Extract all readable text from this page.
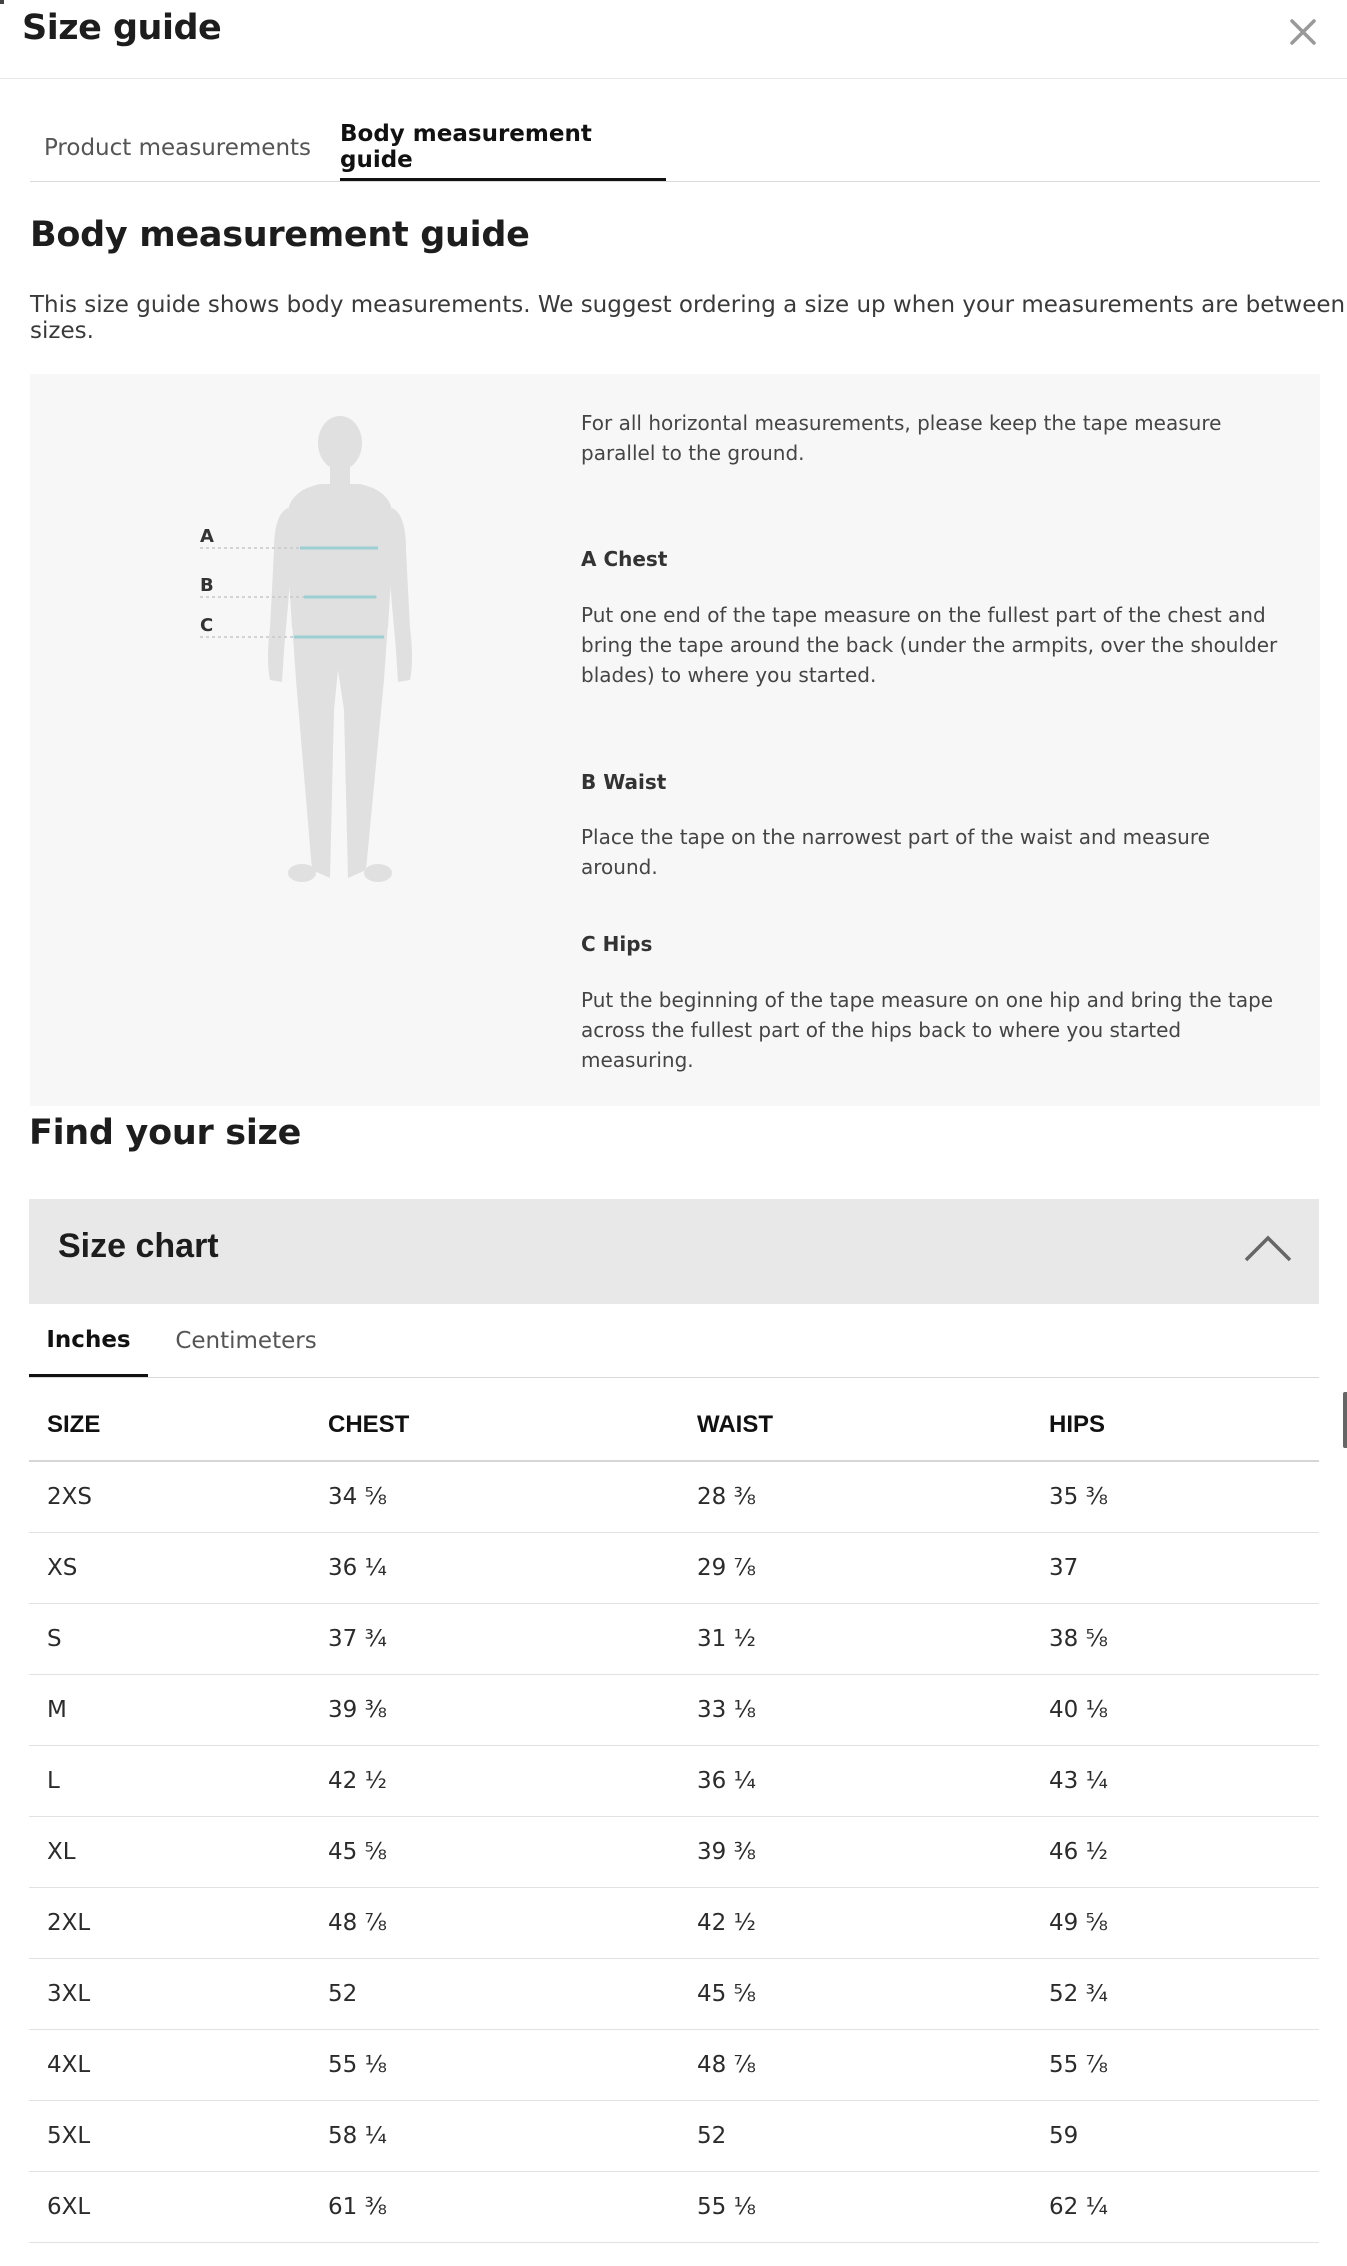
Size guide
Product measurements
Body measurement guide
Body measurement guide
This size guide shows body measurements. We suggest ordering a size up when your measurements are between sizes.
A
B
C
For all horizontal measurements, please keep the tape measure parallel to the ground.
A Chest
Put one end of the tape measure on the fullest part of the chest and bring the tape around the back (under the armpits, over the shoulder blades) to where you started.
B Waist
Place the tape on the narrowest part of the waist and measure around.
C Hips
Put the beginning of the tape measure on one hip and bring the tape across the fullest part of the hips back to where you started measuring.
Find your size
Size chart
Inches	Centimeters
SIZE	CHEST	WAIST	HIPS
2XS	34 ⅝	28 ⅜	35 ⅜
XS	36 ¼	29 ⅞	37
S	37 ¾	31 ½	38 ⅝
M	39 ⅜	33 ⅛	40 ⅛
L	42 ½	36 ¼	43 ¼
XL	45 ⅝	39 ⅜	46 ½
2XL	48 ⅞	42 ½	49 ⅝
3XL	52	45 ⅝	52 ¾
4XL	55 ⅛	48 ⅞	55 ⅞
5XL	58 ¼	52	59
6XL	61 ⅜	55 ⅛	62 ¼
